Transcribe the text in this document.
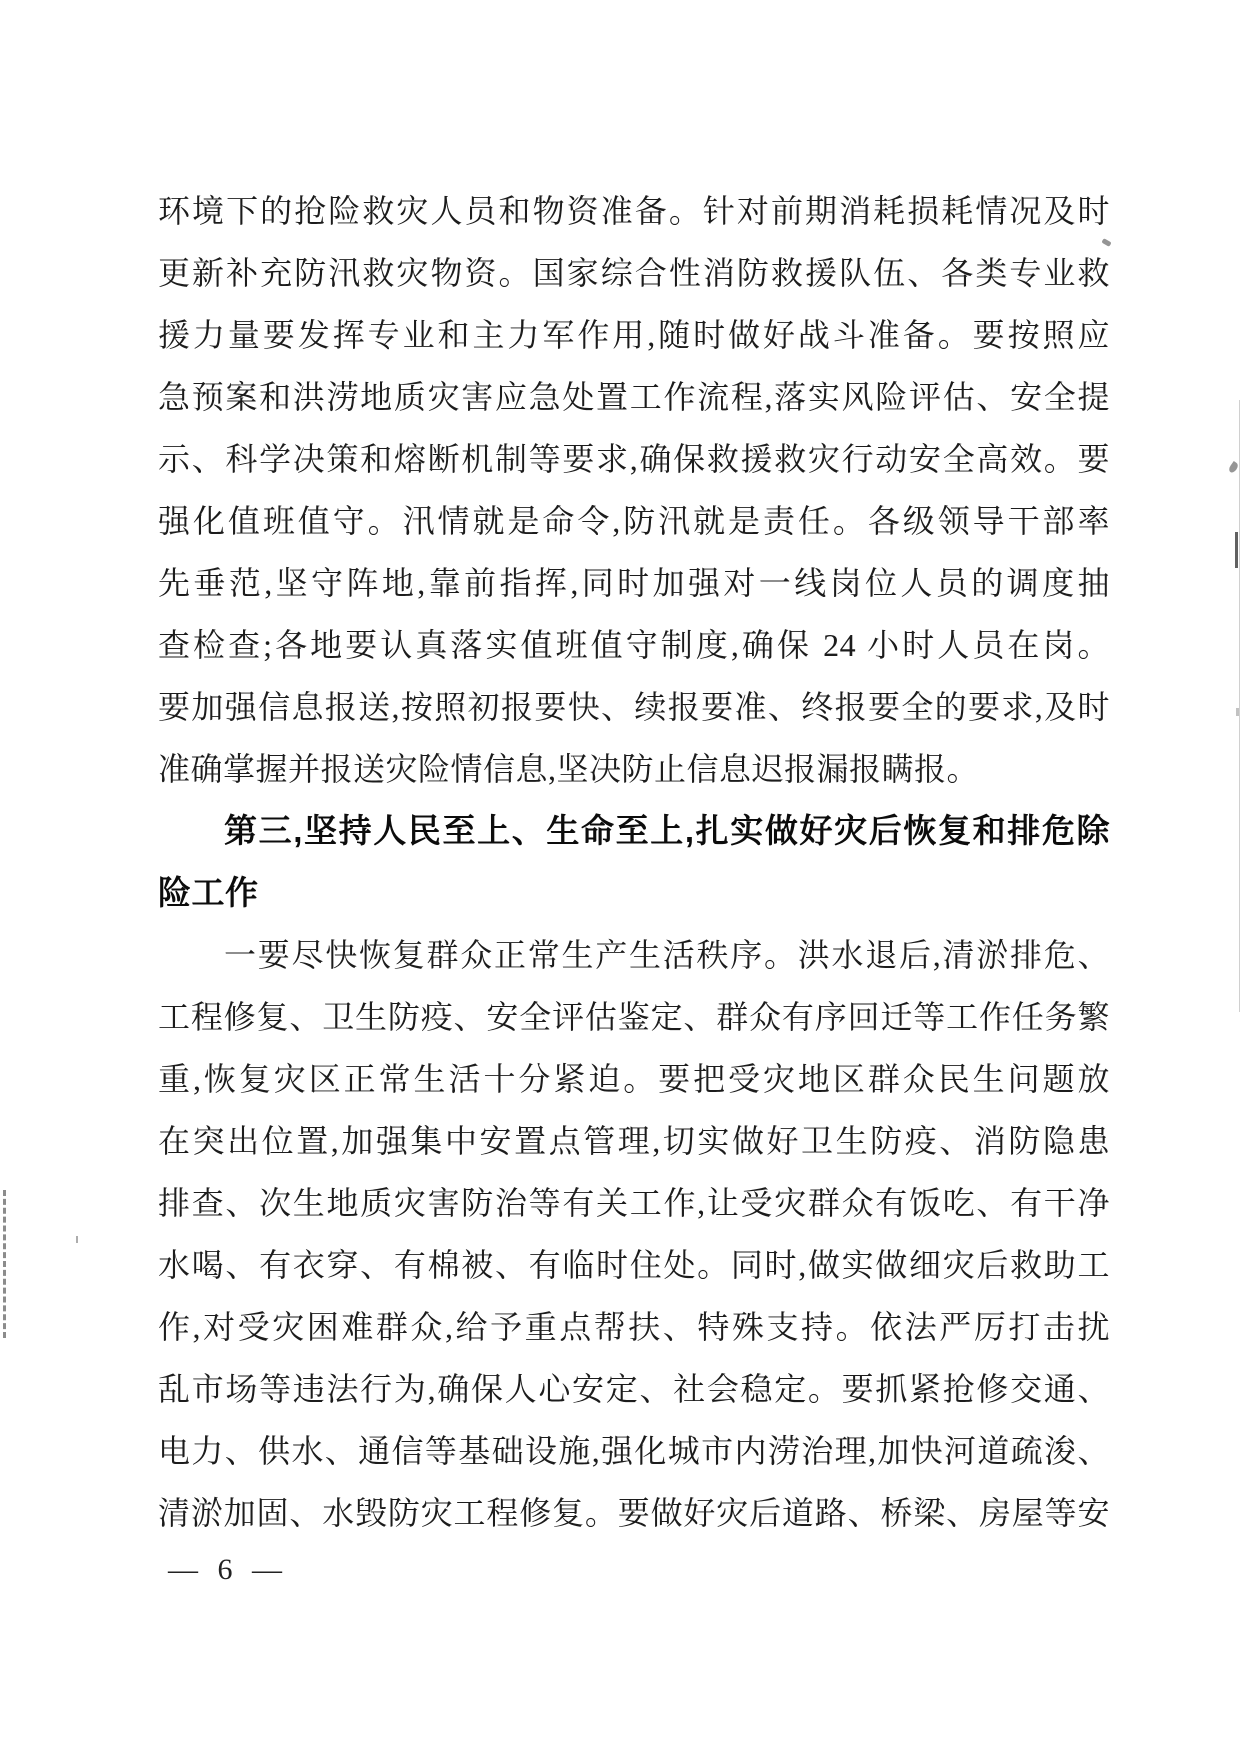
环境下的抢险救灾人员和物资准备。针对前期消耗损耗情况及时
更新补充防汛救灾物资。国家综合性消防救援队伍、各类专业救
援力量要发挥专业和主力军作用,随时做好战斗准备。要按照应
急预案和洪涝地质灾害应急处置工作流程,落实风险评估、安全提
示、科学决策和熔断机制等要求,确保救援救灾行动安全高效。要
强化值班值守。汛情就是命令,防汛就是责任。各级领导干部率
先垂范,坚守阵地,靠前指挥,同时加强对一线岗位人员的调度抽
查检查;各地要认真落实值班值守制度,确保 24 小时人员在岗。
要加强信息报送,按照初报要快、续报要准、终报要全的要求,及时
准确掌握并报送灾险情信息,坚决防止信息迟报漏报瞒报。
第三,坚持人民至上、生命至上,扎实做好灾后恢复和排危除
险工作
一要尽快恢复群众正常生产生活秩序。洪水退后,清淤排危、
工程修复、卫生防疫、安全评估鉴定、群众有序回迁等工作任务繁
重,恢复灾区正常生活十分紧迫。要把受灾地区群众民生问题放
在突出位置,加强集中安置点管理,切实做好卫生防疫、消防隐患
排查、次生地质灾害防治等有关工作,让受灾群众有饭吃、有干净
水喝、有衣穿、有棉被、有临时住处。同时,做实做细灾后救助工
作,对受灾困难群众,给予重点帮扶、特殊支持。依法严厉打击扰
乱市场等违法行为,确保人心安定、社会稳定。要抓紧抢修交通、
电力、供水、通信等基础设施,强化城市内涝治理,加快河道疏浚、
清淤加固、水毁防灾工程修复。要做好灾后道路、桥梁、房屋等安
— 6 —
